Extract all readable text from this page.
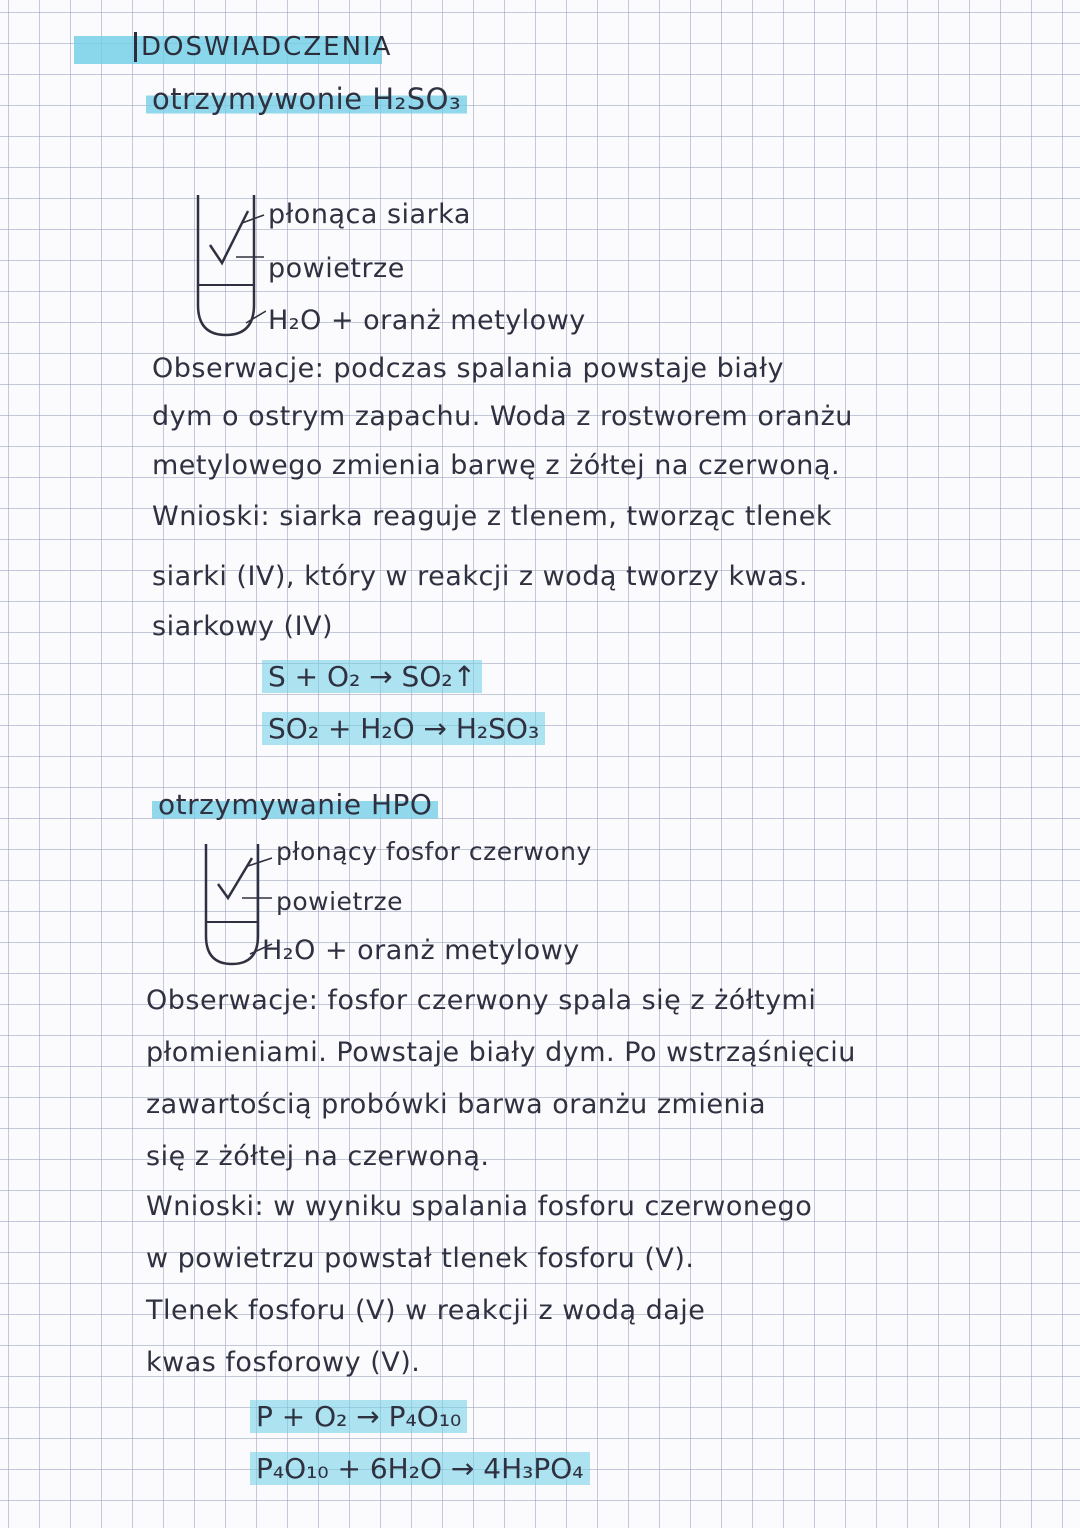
DOSWIADCZENIA
otrzymywonie H₂SO₃
płonąca siarka
powietrze
H₂O + oranż metylowy
Obserwacje: podczas spalania powstaje biały
dym o ostrym zapachu. Woda z rostworem oranżu
metylowego zmienia barwę z żółtej na czerwoną.
Wnioski: siarka reaguje z tlenem, tworząc tlenek
siarki (IV), który w reakcji z wodą tworzy kwas.
siarkowy (IV)
S + O₂ → SO₂↑
SO₂ + H₂O → H₂SO₃
otrzymywanie HPO
płonący fosfor czerwony
powietrze
H₂O + oranż metylowy
Obserwacje: fosfor czerwony spala się z żółtymi
płomieniami. Powstaje biały dym. Po wstrząśnięciu
zawartością probówki barwa oranżu zmienia
się z żółtej na czerwoną.
Wnioski: w wyniku spalania fosforu czerwonego
w powietrzu powstał tlenek fosforu (V).
Tlenek fosforu (V) w reakcji z wodą daje
kwas fosforowy (V).
P + O₂ → P₄O₁₀
P₄O₁₀ + 6H₂O → 4H₃PO₄
